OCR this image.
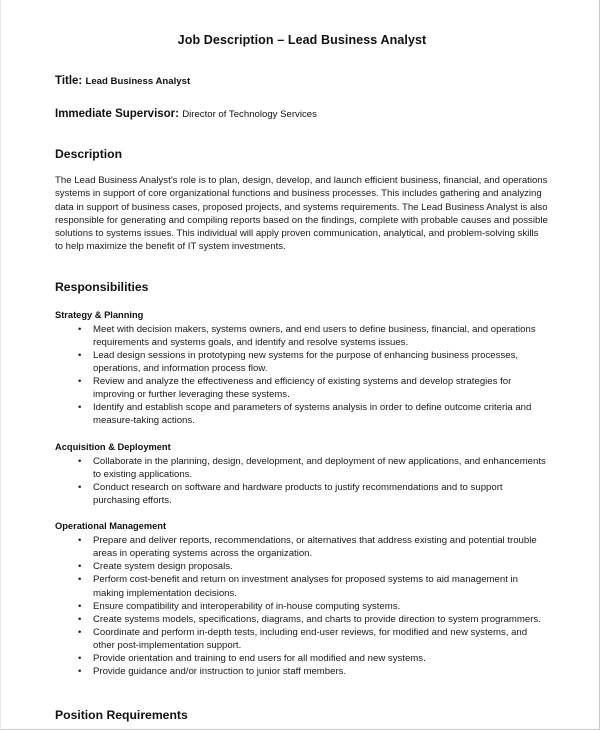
Job Description – Lead Business Analyst
Title: Lead Business Analyst
Immediate Supervisor: Director of Technology Services
Description
The Lead Business Analyst’s role is to plan, design, develop, and launch efficient business, financial, and operations systems in support of core organizational functions and business processes. This includes gathering and analyzing data in support of business cases, proposed projects, and systems requirements. The Lead Business Analyst is also responsible for generating and compiling reports based on the findings, complete with probable causes and possible solutions to systems issues. This individual will apply proven communication, analytical, and problem-solving skills to help maximize the benefit of IT system investments.
Responsibilities
Strategy & Planning
• Meet with decision makers, systems owners, and end users to define business, financial, and operations requirements and systems goals, and identify and resolve systems issues.
• Lead design sessions in prototyping new systems for the purpose of enhancing business processes, operations, and information process flow.
• Review and analyze the effectiveness and efficiency of existing systems and develop strategies for improving or further leveraging these systems.
• Identify and establish scope and parameters of systems analysis in order to define outcome criteria and measure-taking actions.
Acquisition & Deployment
• Collaborate in the planning, design, development, and deployment of new applications, and enhancements to existing applications.
• Conduct research on software and hardware products to justify recommendations and to support purchasing efforts.
Operational Management
• Prepare and deliver reports, recommendations, or alternatives that address existing and potential trouble areas in operating systems across the organization.
• Create system design proposals.
• Perform cost-benefit and return on investment analyses for proposed systems to aid management in making implementation decisions.
• Ensure compatibility and interoperability of in-house computing systems.
• Create systems models, specifications, diagrams, and charts to provide direction to system programmers.
• Coordinate and perform in-depth tests, including end-user reviews, for modified and new systems, and other post-implementation support.
• Provide orientation and training to end users for all modified and new systems.
• Provide guidance and/or instruction to junior staff members.
Position Requirements
